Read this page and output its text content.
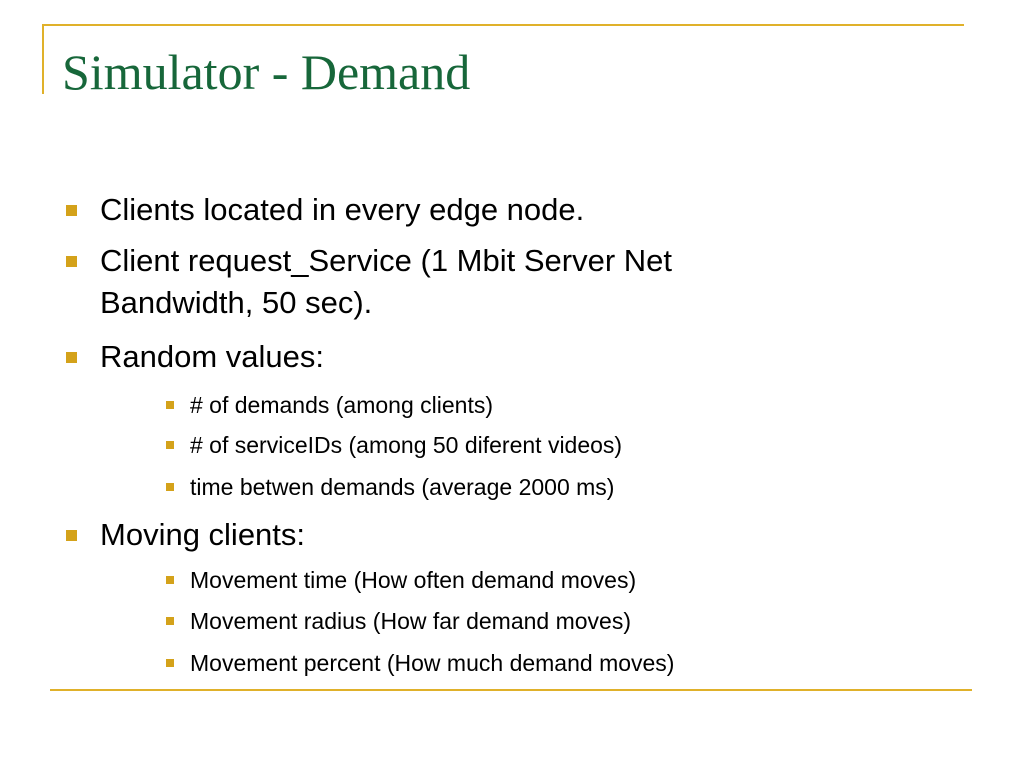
Simulator - Demand

Clients located in every edge node.

Client request_Service (1 Mbit Server Net
Bandwidth, 50 sec).

Random values:

# of demands (among clients)

# of serviceIDs (among 50 diferent videos)

time betwen demands (average 2000 ms)

Moving clients:

Movement time (How often demand moves)

Movement radius (How far demand moves)

Movement percent (How much demand moves)
